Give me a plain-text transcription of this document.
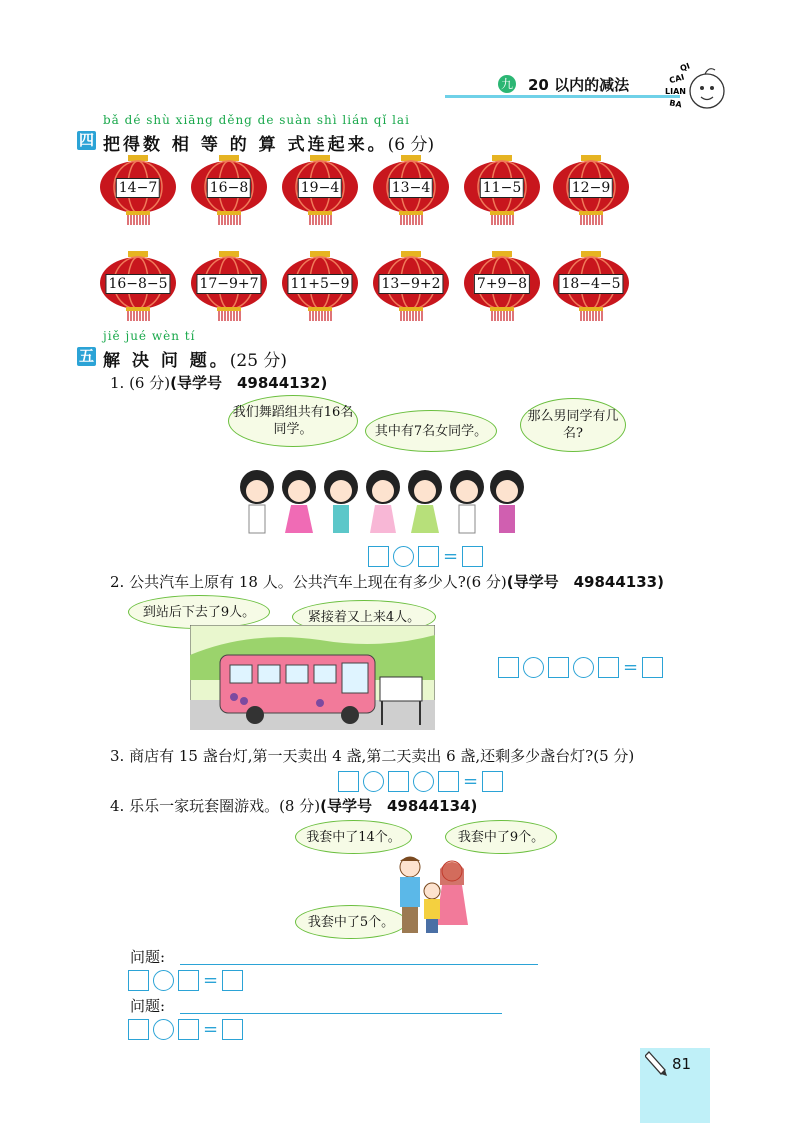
九 20 以内的减法
QI
CAI
LIAN
BA
bǎ dé shù xiāng děng de suàn shì lián qǐ lai
四 把得数 相 等 的 算 式连起来。(6 分)
14−7	16−8	19−4	13−4	11−5	12−9
16−8−5 17−9+7 11+5−9 13−9+2	7+9−8 18−4−5
jiě jué wèn tí
五 解 决 问 题。(25 分)
1. (6 分)(导学号　49844132)
我们舞蹈组共有16名同学。	其中有7名女同学。
那么男同学有几名?
=
2. 公共汽车上原有 18 人。公共汽车上现在有多少人?(6 分)(导学号　49844133)
到站后下去了9人。	紧接着又上来4人。
=
3. 商店有 15 盏台灯,第一天卖出 4 盏,第二天卖出 6 盏,还剩多少盏台灯?(5 分)
=
4. 乐乐一家玩套圈游戏。(8 分)(导学号　49844134)
我套中了14个。	我套中了9个。
我套中了5个。
问题:
=
问题:
=
81
